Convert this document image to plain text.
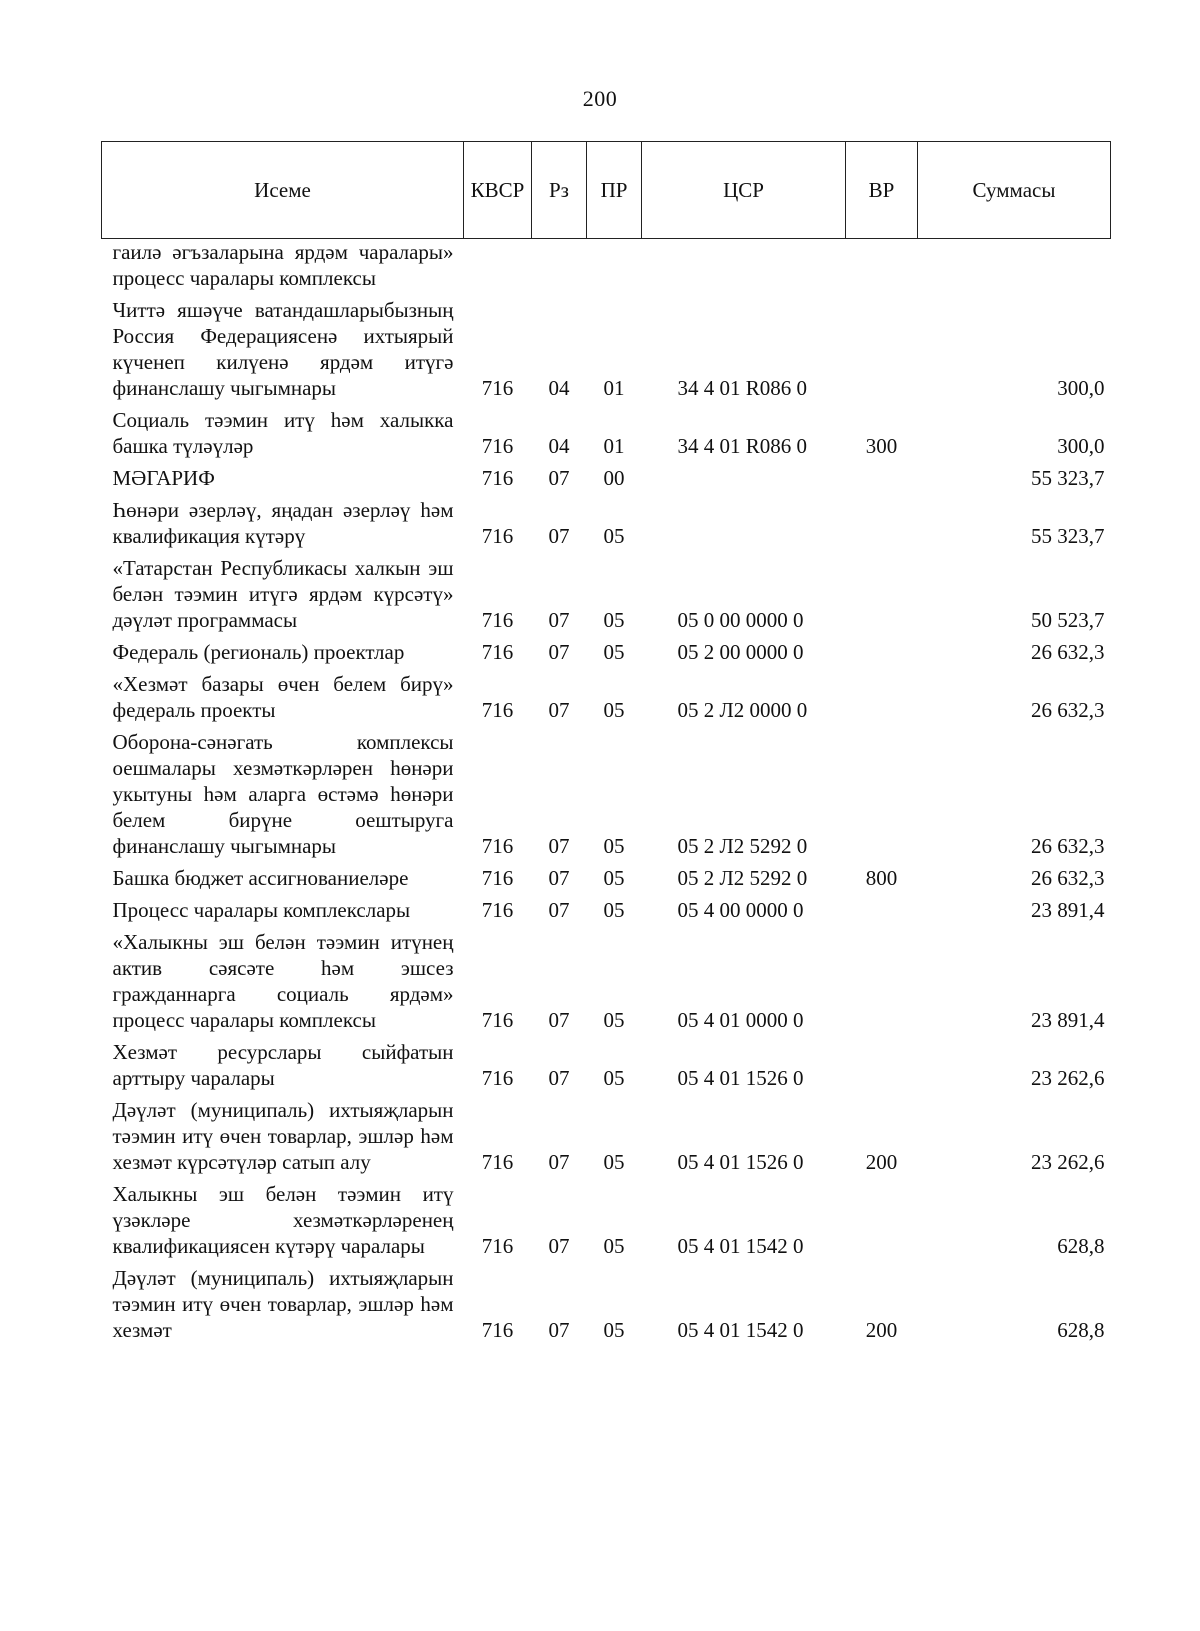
200
Исеме	КВСР	Рз	ПР	ЦСР	ВР	Суммасы
гаилә әгъзаларына ярдәм чаралары» процесс чаралары комплексы						
Читтә яшәүче ватандашларыбызның Россия Федерациясенә ихтыярый күченеп килүенә ярдәм итүгә финанслашу чыгымнары	716	04	01	34 4 01 R086 0		300,0
Социаль тәэмин итү һәм халыкка башка түләүләр	716	04	01	34 4 01 R086 0	300	300,0
МӘГАРИФ	716	07	00			55 323,7
Һөнәри әзерләү, яңадан әзерләү һәм квалификация күтәрү	716	07	05			55 323,7
«Татарстан Республикасы халкын эш белән тәэмин итүгә ярдәм күрсәтү» дәүләт программасы	716	07	05	05 0 00 0000 0		50 523,7
Федераль (региональ) проектлар	716	07	05	05 2 00 0000 0		26 632,3
«Хезмәт базары өчен белем бирү» федераль проекты	716	07	05	05 2 Л2 0000 0		26 632,3
Оборона-сәнәгать комплексы оешмалары хезмәткәрләрен һөнәри укытуны һәм аларга өстәмә һөнәри белем бирүне оештыруга финанслашу чыгымнары	716	07	05	05 2 Л2 5292 0		26 632,3
Башка бюджет ассигнованиеләре	716	07	05	05 2 Л2 5292 0	800	26 632,3
Процесс чаралары комплекслары	716	07	05	05 4 00 0000 0		23 891,4
«Халыкны эш белән тәэмин итүнең актив сәясәте һәм эшсез гражданнарга социаль ярдәм» процесс чаралары комплексы	716	07	05	05 4 01 0000 0		23 891,4
Хезмәт ресурслары сыйфатын арттыру чаралары	716	07	05	05 4 01 1526 0		23 262,6
Дәүләт (муниципаль) ихтыяҗларын тәэмин итү өчен товарлар, эшләр һәм хезмәт күрсәтүләр сатып алу	716	07	05	05 4 01 1526 0	200	23 262,6
Халыкны эш белән тәэмин итү үзәкләре хезмәткәрләренең квалификациясен күтәрү чаралары	716	07	05	05 4 01 1542 0		628,8
Дәүләт (муниципаль) ихтыяҗларын тәэмин итү өчен товарлар, эшләр һәм хезмәт	716	07	05	05 4 01 1542 0	200	628,8
